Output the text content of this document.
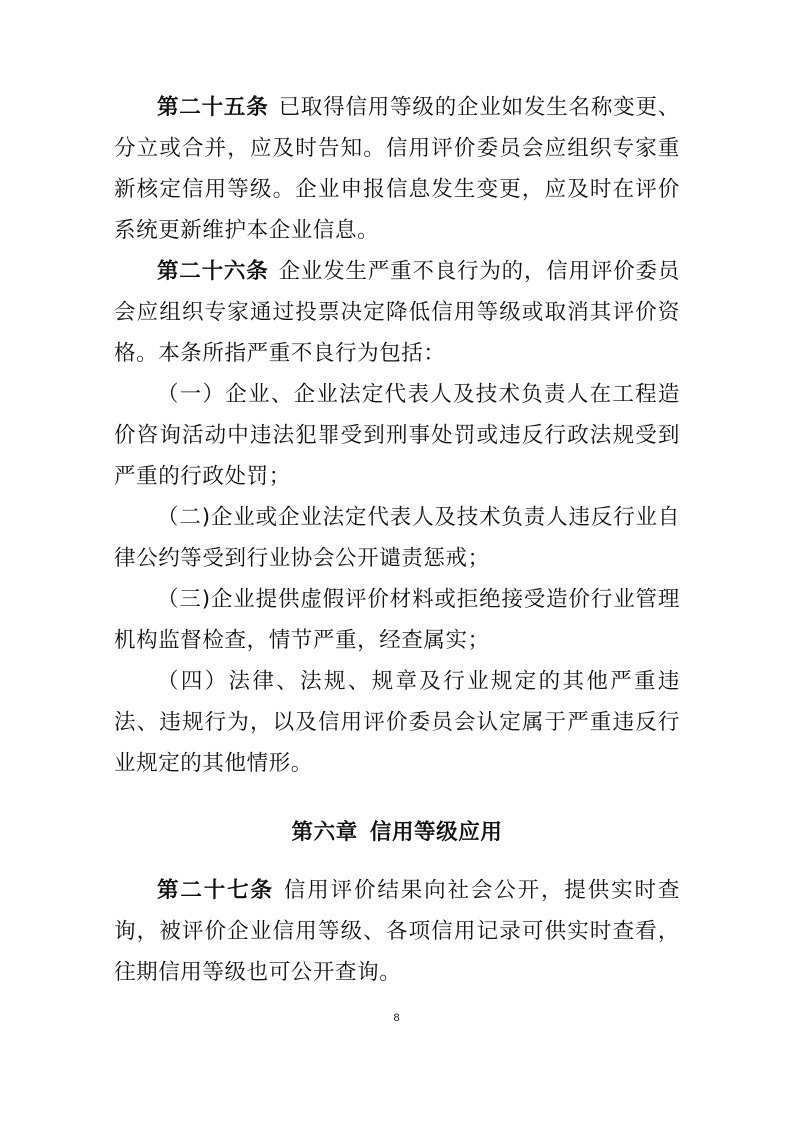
第二十五条 已取得信用等级的企业如发生名称变更、分立或合并，应及时告知。信用评价委员会应组织专家重新核定信用等级。企业申报信息发生变更，应及时在评价系统更新维护本企业信息。

第二十六条 企业发生严重不良行为的，信用评价委员会应组织专家通过投票决定降低信用等级或取消其评价资格。本条所指严重不良行为包括：

（一）企业、企业法定代表人及技术负责人在工程造价咨询活动中违法犯罪受到刑事处罚或违反行政法规受到严重的行政处罚；

（二)企业或企业法定代表人及技术负责人违反行业自律公约等受到行业协会公开谴责惩戒；

（三)企业提供虚假评价材料或拒绝接受造价行业管理机构监督检查，情节严重，经查属实；

（四）法律、法规、规章及行业规定的其他严重违法、违规行为，以及信用评价委员会认定属于严重违反行业规定的其他情形。

第六章 信用等级应用

第二十七条 信用评价结果向社会公开，提供实时查询，被评价企业信用等级、各项信用记录可供实时查看，往期信用等级也可公开查询。

8
